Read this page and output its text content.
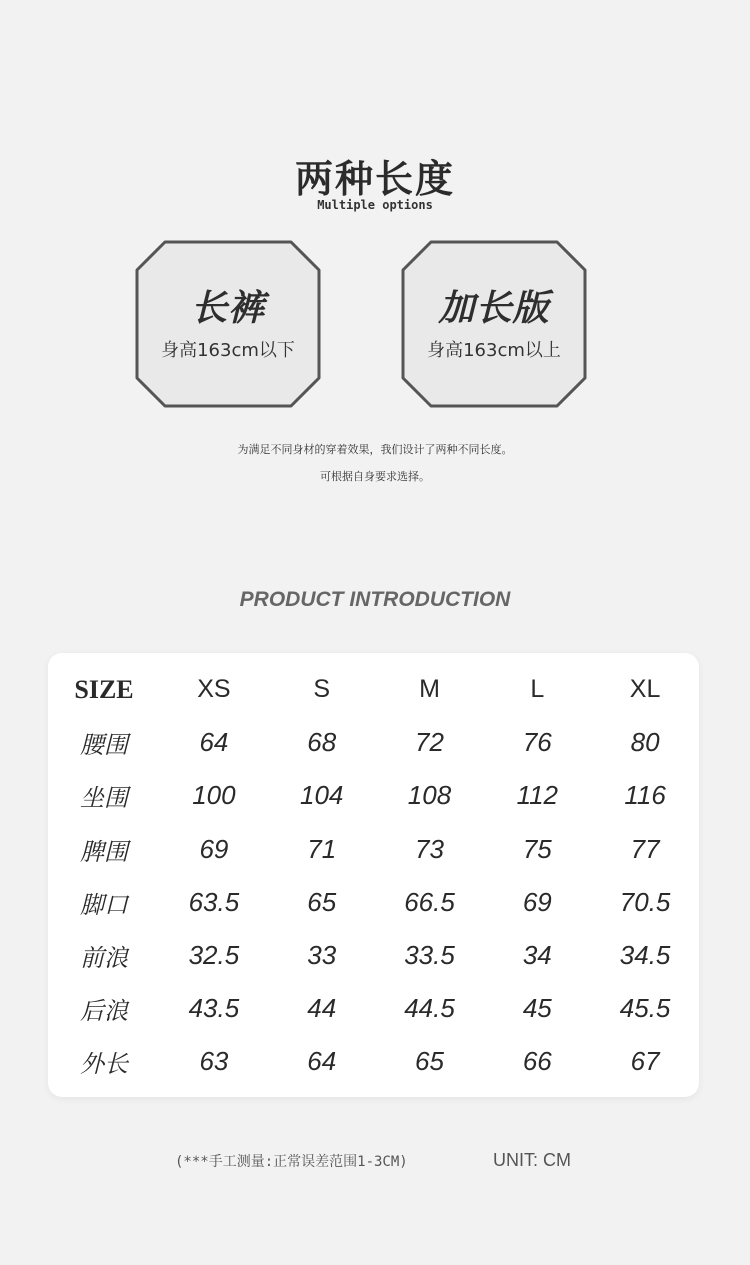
两种长度
Multiple options
长裤
身高163cm以下
加长版
身高163cm以上
为满足不同身材的穿着效果，我们设计了两种不同长度。
可根据自身要求选择。
PRODUCT INTRODUCTION
SIZE	XS	S	M	L	XL
腰围	64	68	72	76	80
坐围	100	104	108	112	116
脾围	69	71	73	75	77
脚口	63.5	65	66.5	69	70.5
前浪	32.5	33	33.5	34	34.5
后浪	43.5	44	44.5	45	45.5
外长	63	64	65	66	67
(***手工测量:正常误差范围1-3CM)	UNIT: CM
